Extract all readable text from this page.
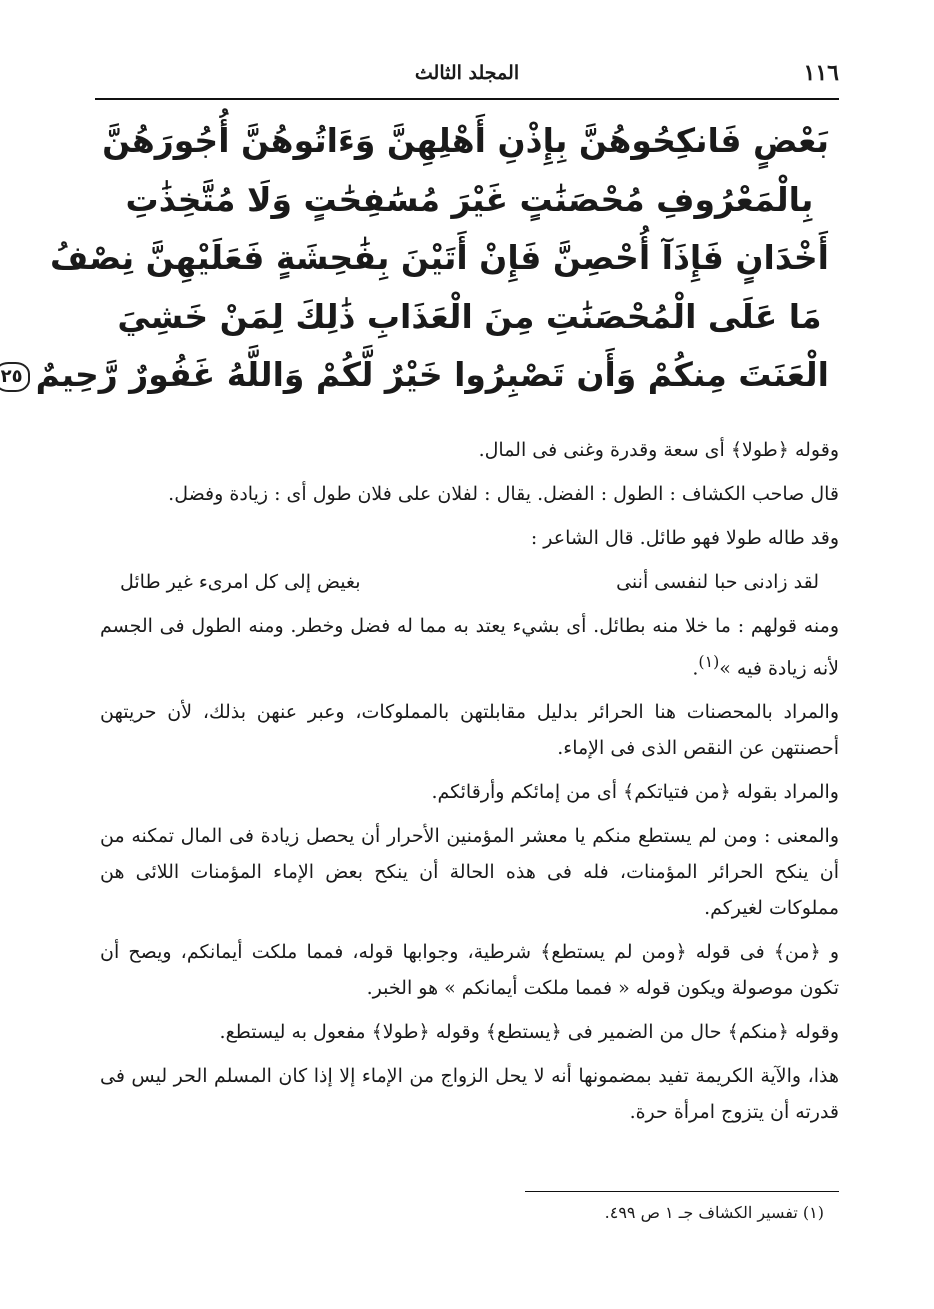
١١٦
المجلد الثالث
بَعْضٍ فَانكِحُوهُنَّ بِإِذْنِ أَهْلِهِنَّ وَءَاتُوهُنَّ أُجُورَهُنَّ
بِالْمَعْرُوفِ مُحْصَنَٰتٍ غَيْرَ مُسَٰفِحَٰتٍ وَلَا مُتَّخِذَٰتِ
أَخْدَانٍ فَإِذَآ أُحْصِنَّ فَإِنْ أَتَيْنَ بِفَٰحِشَةٍ فَعَلَيْهِنَّ نِصْفُ
مَا عَلَى الْمُحْصَنَٰتِ مِنَ الْعَذَابِ ذَٰلِكَ لِمَنْ خَشِيَ
الْعَنَتَ مِنكُمْ وَأَن تَصْبِرُوا خَيْرٌ لَّكُمْ وَاللَّهُ غَفُورٌ رَّحِيمٌ٢٥

وقوله ﴿طولا﴾ أى سعة وقدرة وغنى فى المال.

قال صاحب الكشاف : الطول : الفضل. يقال : لفلان على فلان طول أى : زيادة وفضل.

وقد طاله طولا فهو طائل. قال الشاعر :

لقد زادنى حبا لنفسى أننى
بغيض إلى كل امرىء غير طائل

ومنه قولهم : ما خلا منه بطائل. أى بشيء يعتد به مما له فضل وخطر. ومنه الطول فى الجسم لأنه زيادة فيه »$^{(١)}$.

والمراد بالمحصنات هنا الحرائر بدليل مقابلتهن بالمملوكات، وعبر عنهن بذلك، لأن حريتهن أحصنتهن عن النقص الذى فى الإماء.

والمراد بقوله ﴿من فتياتكم﴾ أى من إمائكم وأرقائكم.

والمعنى : ومن لم يستطع منكم يا معشر المؤمنين الأحرار أن يحصل زيادة فى المال تمكنه من أن ينكح الحرائر المؤمنات، فله فى هذه الحالة أن ينكح بعض الإماء المؤمنات اللائى هن مملوكات لغيركم.

و ﴿من﴾ فى قوله ﴿ومن لم يستطع﴾ شرطية، وجوابها قوله، فمما ملكت أيمانكم، ويصح أن تكون موصولة ويكون قوله « فمما ملكت أيمانكم » هو الخبر.

وقوله ﴿منكم﴾ حال من الضمير فى ﴿يستطع﴾ وقوله ﴿طولا﴾ مفعول به ليستطع.

هذا، والآية الكريمة تفيد بمضمونها أنه لا يحل الزواج من الإماء إلا إذا كان المسلم الحر ليس فى قدرته أن يتزوج امرأة حرة.

(١) تفسير الكشاف جـ ١ ص ٤٩٩.
